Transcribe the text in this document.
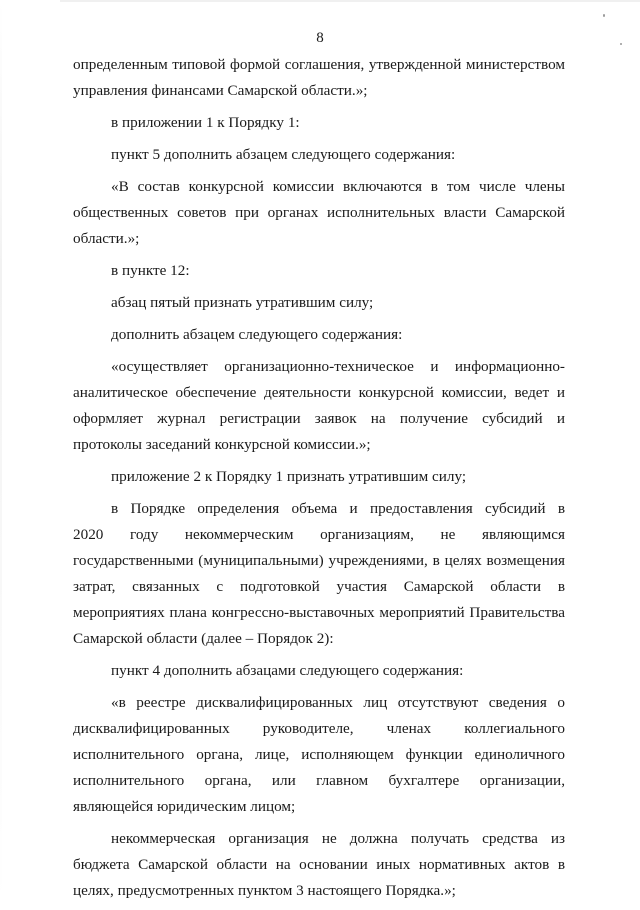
8
определенным типовой формой соглашения, утвержденной министерством
управления финансами Самарской области.»;
в приложении 1 к Порядку 1:
пункт 5 дополнить абзацем следующего содержания:
«В состав конкурсной комиссии включаются в том числе члены
общественных советов при органах исполнительных власти Самарской
области.»;
в пункте 12:
абзац пятый признать утратившим силу;
дополнить абзацем следующего содержания:
«осуществляет организационно-техническое и информационно-
аналитическое обеспечение деятельности конкурсной комиссии, ведет и
оформляет журнал регистрации заявок на получение субсидий и
протоколы заседаний конкурсной комиссии.»;
приложение 2 к Порядку 1 признать утратившим силу;
в Порядке определения объема и предоставления субсидий в
2020 году некоммерческим организациям, не являющимся
государственными (муниципальными) учреждениями, в целях возмещения
затрат, связанных с подготовкой участия Самарской области в
мероприятиях плана конгрессно-выставочных мероприятий Правительства
Самарской области (далее – Порядок 2):
пункт 4 дополнить абзацами следующего содержания:
«в реестре дисквалифицированных лиц отсутствуют сведения о
дисквалифицированных руководителе, членах коллегиального
исполнительного органа, лице, исполняющем функции единоличного
исполнительного органа, или главном бухгалтере организации,
являющейся юридическим лицом;
некоммерческая организация не должна получать средства из
бюджета Самарской области на основании иных нормативных актов в
целях, предусмотренных пунктом 3 настоящего Порядка.»;
